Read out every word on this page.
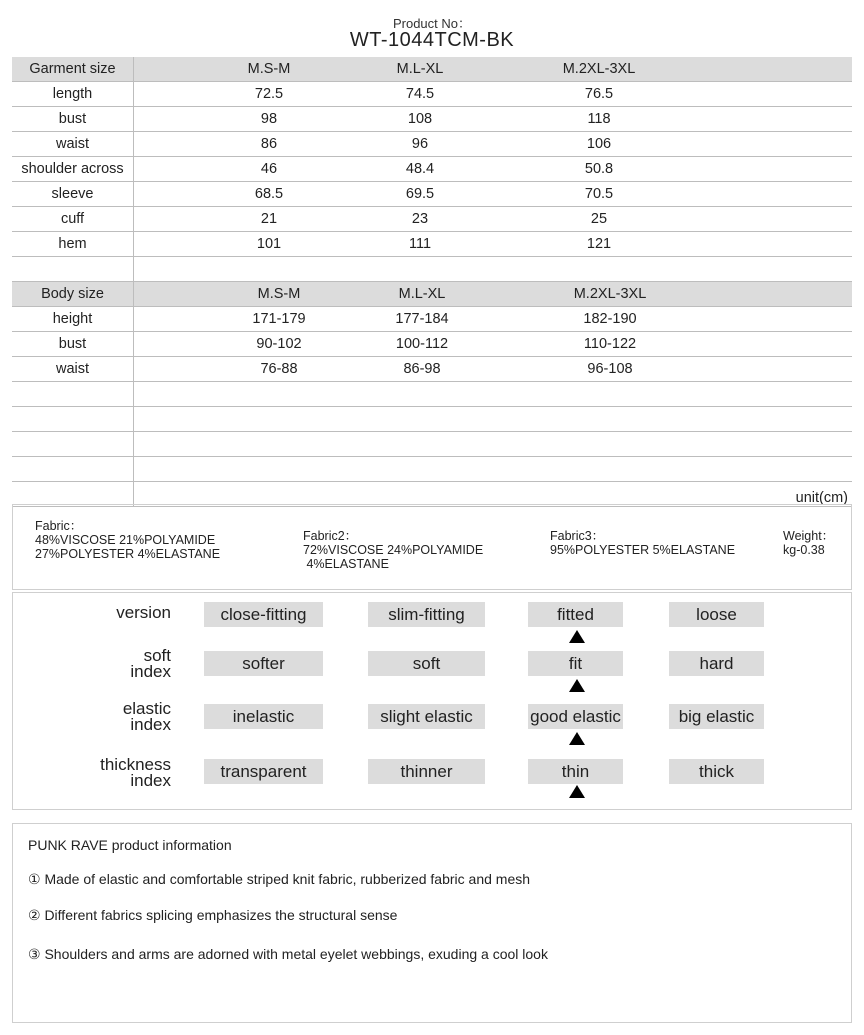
Product No：
WT-1044TCM-BK
Garment size	M.S-M M.L-XL M.2XL-3XL

length	72.5 74.5 76.5

bust	98 108 118

waist	86 96 106

shoulder across	46 48.4 50.8

sleeve	68.5 69.5 70.5

cuff	21 23 25

hem	101 111 121

Body size	M.S-M M.L-XL M.2XL-3XL

height	171-179 177-184 182-190

bust	90-102 100-112 110-122

waist	76-88 86-98 96-108

	unit(cm)
Fabric：
48%VISCOSE 21%POLYAMIDE
27%POLYESTER 4%ELASTANE
Fabric2：
72%VISCOSE 24%POLYAMIDE
4%ELASTANE
Fabric3：
95%POLYESTER 5%ELASTANE
Weight：
kg-0.38
version	close-fitting	slim-fitting	fitted	loose
soft
index	softer	soft	fit	hard
elastic
index	inelastic	slight elastic	good elastic	big elastic
thickness
index	transparent	thinner	thin	thick
PUNK RAVE product information
① Made of elastic and comfortable striped knit fabric, rubberized fabric and mesh
② Different fabrics splicing emphasizes the structural sense
③ Shoulders and arms are adorned with metal eyelet webbings, exuding a cool look
